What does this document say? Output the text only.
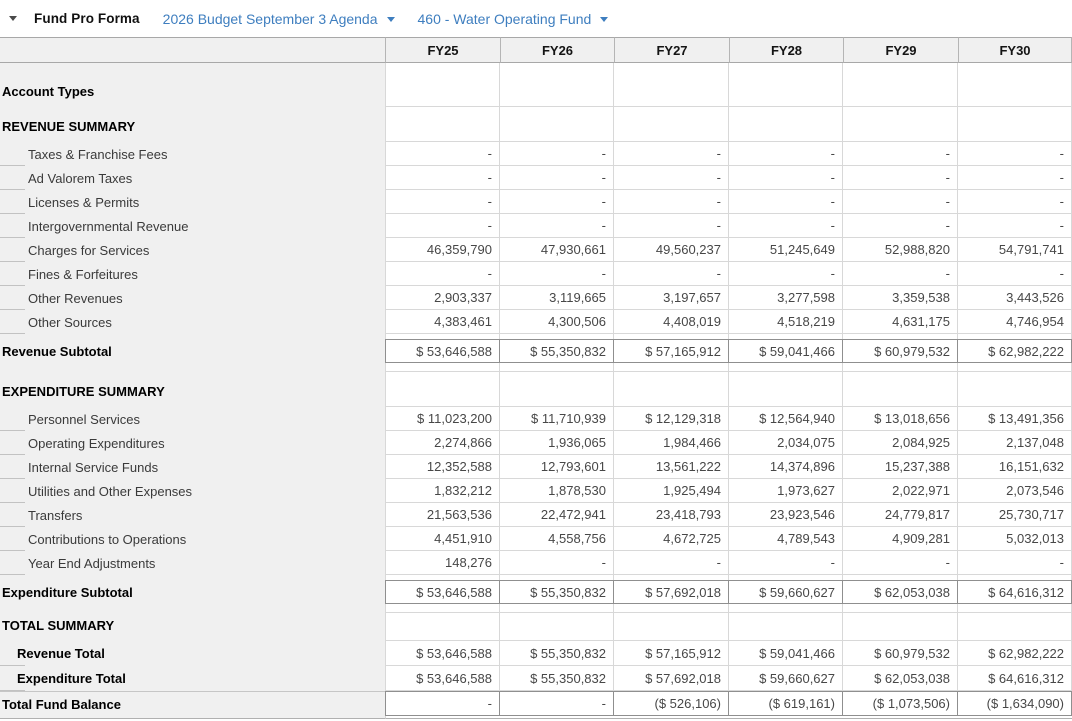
Fund Pro Forma 2026 Budget September 3 Agenda	460 - Water Operating Fund
	FY25	FY26	FY27	FY28	FY29	FY30
Account Types						
REVENUE SUMMARY						
Taxes & Franchise Fees	-	-	-	-	-	-
Ad Valorem Taxes	-	-	-	-	-	-
Licenses & Permits	-	-	-	-	-	-
Intergovernmental Revenue	-	-	-	-	-	-
Charges for Services	46,359,790	47,930,661	49,560,237	51,245,649	52,988,820	54,791,741
Fines & Forfeitures	-	-	-	-	-	-
Other Revenues	2,903,337	3,119,665	3,197,657	3,277,598	3,359,538	3,443,526
Other Sources	4,383,461	4,300,506	4,408,019	4,518,219	4,631,175	4,746,954

Revenue Subtotal	$ 53,646,588	$ 55,350,832	$ 57,165,912	$ 59,041,466	$ 60,979,532	$ 62,982,222

EXPENDITURE SUMMARY						
Personnel Services	$ 11,023,200	$ 11,710,939	$ 12,129,318	$ 12,564,940	$ 13,018,656	$ 13,491,356
Operating Expenditures	2,274,866	1,936,065	1,984,466	2,034,075	2,084,925	2,137,048
Internal Service Funds	12,352,588	12,793,601	13,561,222	14,374,896	15,237,388	16,151,632
Utilities and Other Expenses	1,832,212	1,878,530	1,925,494	1,973,627	2,022,971	2,073,546
Transfers	21,563,536	22,472,941	23,418,793	23,923,546	24,779,817	25,730,717
Contributions to Operations	4,451,910	4,558,756	4,672,725	4,789,543	4,909,281	5,032,013
Year End Adjustments	148,276	-	-	-	-	-

Expenditure Subtotal	$ 53,646,588	$ 55,350,832	$ 57,692,018	$ 59,660,627	$ 62,053,038	$ 64,616,312

TOTAL SUMMARY						
Revenue Total	$ 53,646,588	$ 55,350,832	$ 57,165,912	$ 59,041,466	$ 60,979,532	$ 62,982,222
Expenditure Total	$ 53,646,588	$ 55,350,832	$ 57,692,018	$ 59,660,627	$ 62,053,038	$ 64,616,312
Total Fund Balance	-	-	($ 526,106)	($ 619,161)	($ 1,073,506)	($ 1,634,090)
